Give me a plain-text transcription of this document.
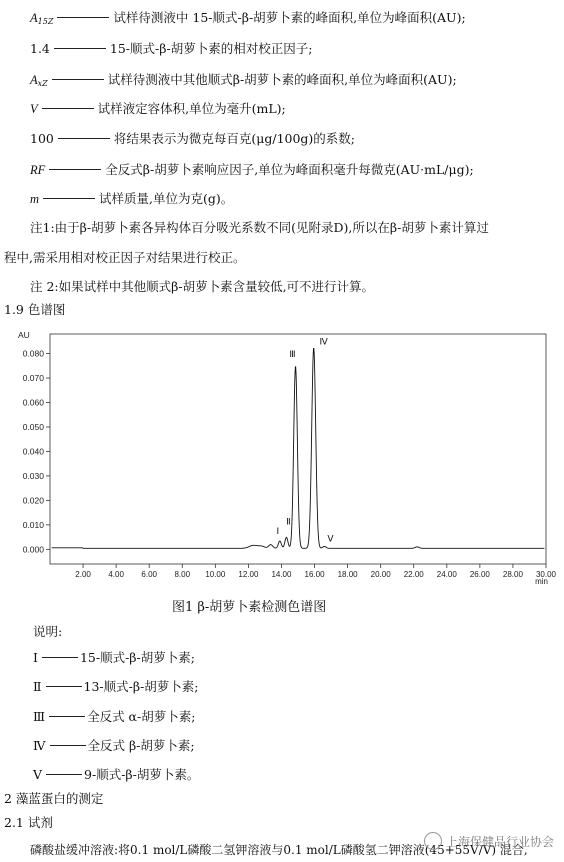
A15Z	试样待测液中 15-顺式-β-胡萝卜素的峰面积,单位为峰面积(AU);
1.4	15-顺式-β-胡萝卜素的相对校正因子;
AxZ	试样待测液中其他顺式β-胡萝卜素的峰面积,单位为峰面积(AU);
V	试样液定容体积,单位为毫升(mL);
100	将结果表示为微克每百克(μg/100g)的系数;
RF	全反式β-胡萝卜素响应因子,单位为峰面积毫升每微克(AU·mL/μg);
m	试样质量,单位为克(g)。
注1:由于β-胡萝卜素各异构体百分吸光系数不同(见附录D),所以在β-胡萝卜素计算过
程中,需采用相对校正因子对结果进行校正。
注 2:如果试样中其他顺式β-胡萝卜素含量较低,可不进行计算。
1.9 色谱图
0.000
0.010
0.020
0.030
0.040
0.050
0.060
0.070
0.080
AU
2.00 4.00 6.00 8.00 10.00 12.00 14.00 16.00 18.00 20.00 22.00 24.00 26.00 28.00 30.00
min
Ⅰ
Ⅱ
Ⅲ
Ⅳ
Ⅴ
图1 β-胡萝卜素检测色谱图
说明:
Ⅰ	15-顺式-β-胡萝卜素;
Ⅱ	13-顺式-β-胡萝卜素;
Ⅲ	全反式 α-胡萝卜素;
Ⅳ	全反式 β-胡萝卜素;
Ⅴ	9-顺式-β-胡萝卜素。
2 藻蓝蛋白的测定
2.1 试剂
磷酸盐缓冲溶液:将0.1 mol/L磷酸二氢钾溶液与0.1 mol/L磷酸氢二钾溶液(45+55V/V) 混合,
上海保健品行业协会
